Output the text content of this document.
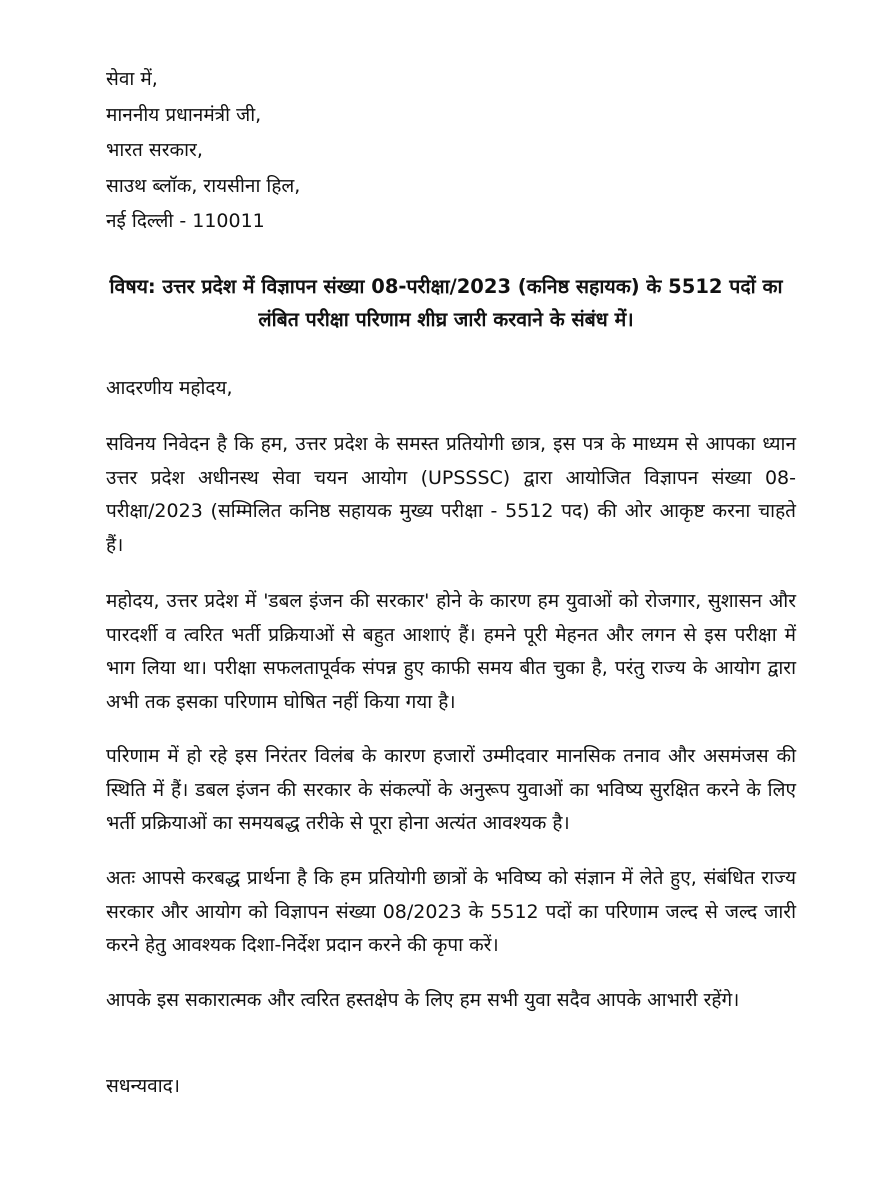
सेवा में,
माननीय प्रधानमंत्री जी,
भारत सरकार,
साउथ ब्लॉक, रायसीना हिल,
नई दिल्ली - 110011
विषय: उत्तर प्रदेश में विज्ञापन संख्या 08-परीक्षा/2023 (कनिष्ठ सहायक) के 5512 पदों का लंबित परीक्षा परिणाम शीघ्र जारी करवाने के संबंध में।
आदरणीय महोदय,
सविनय निवेदन है कि हम, उत्तर प्रदेश के समस्त प्रतियोगी छात्र, इस पत्र के माध्यम से आपका ध्यान उत्तर प्रदेश अधीनस्थ सेवा चयन आयोग (UPSSSC) द्वारा आयोजित विज्ञापन संख्या 08-परीक्षा/2023 (सम्मिलित कनिष्ठ सहायक मुख्य परीक्षा - 5512 पद) की ओर आकृष्ट करना चाहते हैं।
महोदय, उत्तर प्रदेश में 'डबल इंजन की सरकार' होने के कारण हम युवाओं को रोजगार, सुशासन और पारदर्शी व त्वरित भर्ती प्रक्रियाओं से बहुत आशाएं हैं। हमने पूरी मेहनत और लगन से इस परीक्षा में भाग लिया था। परीक्षा सफलतापूर्वक संपन्न हुए काफी समय बीत चुका है, परंतु राज्य के आयोग द्वारा अभी तक इसका परिणाम घोषित नहीं किया गया है।
परिणाम में हो रहे इस निरंतर विलंब के कारण हजारों उम्मीदवार मानसिक तनाव और असमंजस की स्थिति में हैं। डबल इंजन की सरकार के संकल्पों के अनुरूप युवाओं का भविष्य सुरक्षित करने के लिए भर्ती प्रक्रियाओं का समयबद्ध तरीके से पूरा होना अत्यंत आवश्यक है।
अतः आपसे करबद्ध प्रार्थना है कि हम प्रतियोगी छात्रों के भविष्य को संज्ञान में लेते हुए, संबंधित राज्य सरकार और आयोग को विज्ञापन संख्या 08/2023 के 5512 पदों का परिणाम जल्द से जल्द जारी करने हेतु आवश्यक दिशा-निर्देश प्रदान करने की कृपा करें।
आपके इस सकारात्मक और त्वरित हस्तक्षेप के लिए हम सभी युवा सदैव आपके आभारी रहेंगे।
सधन्यवाद।
